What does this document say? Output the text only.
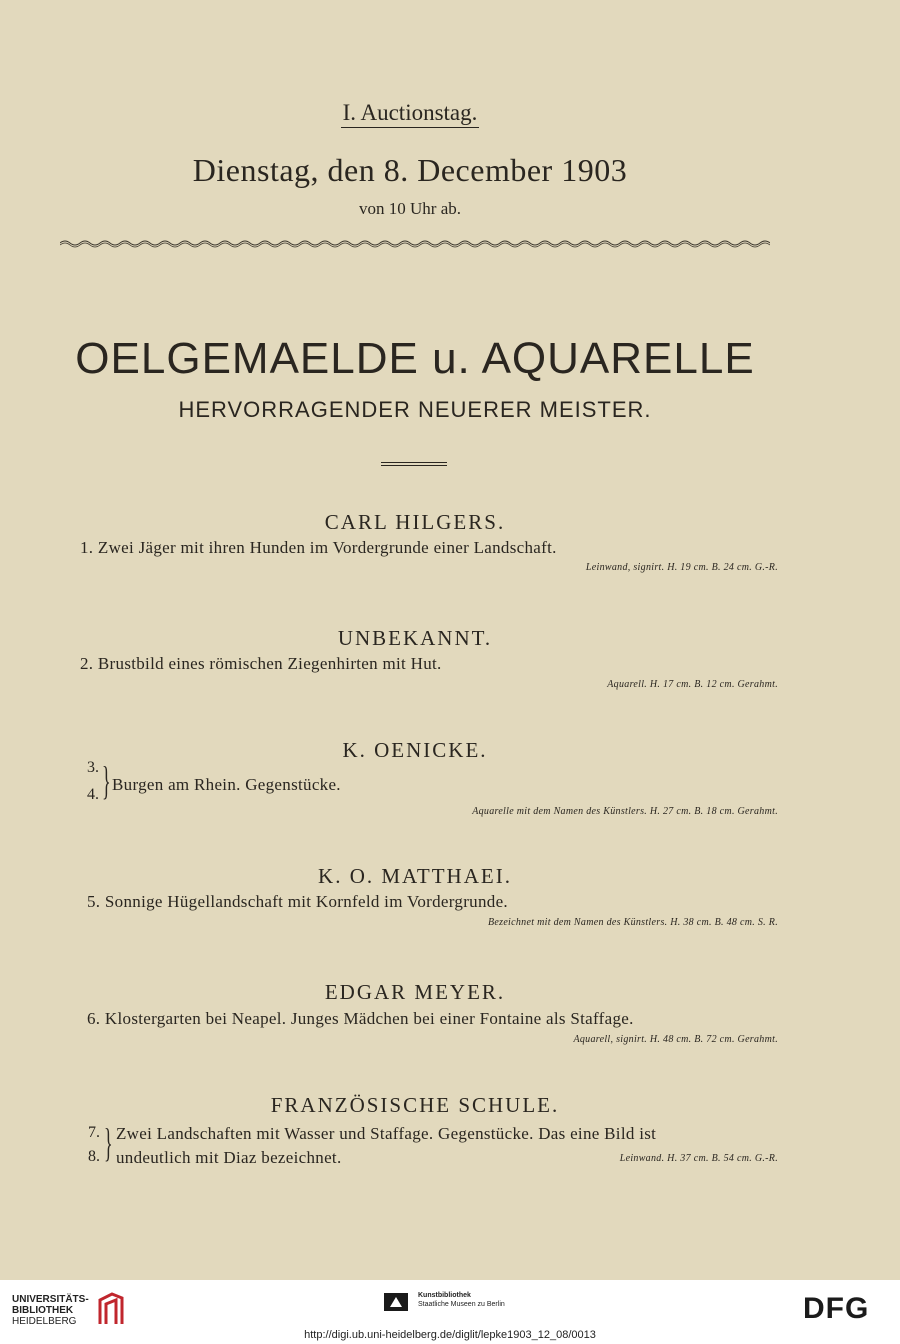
I. Auctionstag.
Dienstag, den 8. December 1903
von 10 Uhr ab.
OELGEMAELDE u. AQUARELLE
HERVORRAGENDER NEUERER MEISTER.
CARL HILGERS.
1. Zwei Jäger mit ihren Hunden im Vordergrunde einer Landschaft.
Leinwand, signirt. H. 19 cm. B. 24 cm. G.-R.
UNBEKANNT.
2. Brustbild eines römischen Ziegenhirten mit Hut.
Aquarell. H. 17 cm. B. 12 cm. Gerahmt.
K. OENICKE.
3.
4. } Burgen am Rhein. Gegenstücke.
Aquarelle mit dem Namen des Künstlers. H. 27 cm. B. 18 cm. Gerahmt.
K. O. MATTHAEI.
5. Sonnige Hügellandschaft mit Kornfeld im Vordergrunde.
Bezeichnet mit dem Namen des Künstlers. H. 38 cm. B. 48 cm. S. R.
EDGAR MEYER.
6. Klostergarten bei Neapel. Junges Mädchen bei einer Fontaine als Staffage.
Aquarell, signirt. H. 48 cm. B. 72 cm. Gerahmt.
FRANZÖSISCHE SCHULE.
7.
8. } Zwei Landschaften mit Wasser und Staffage. Gegenstücke. Das eine Bild ist
undeutlich mit Diaz bezeichnet.	Leinwand. H. 37 cm. B. 54 cm. G.-R.
UNIVERSITÄTS-
BIBLIOTHEK
HEIDELBERG
Kunstbibliothek
Staatliche Museen zu Berlin	DFG
http://digi.ub.uni-heidelberg.de/diglit/lepke1903_12_08/0013
